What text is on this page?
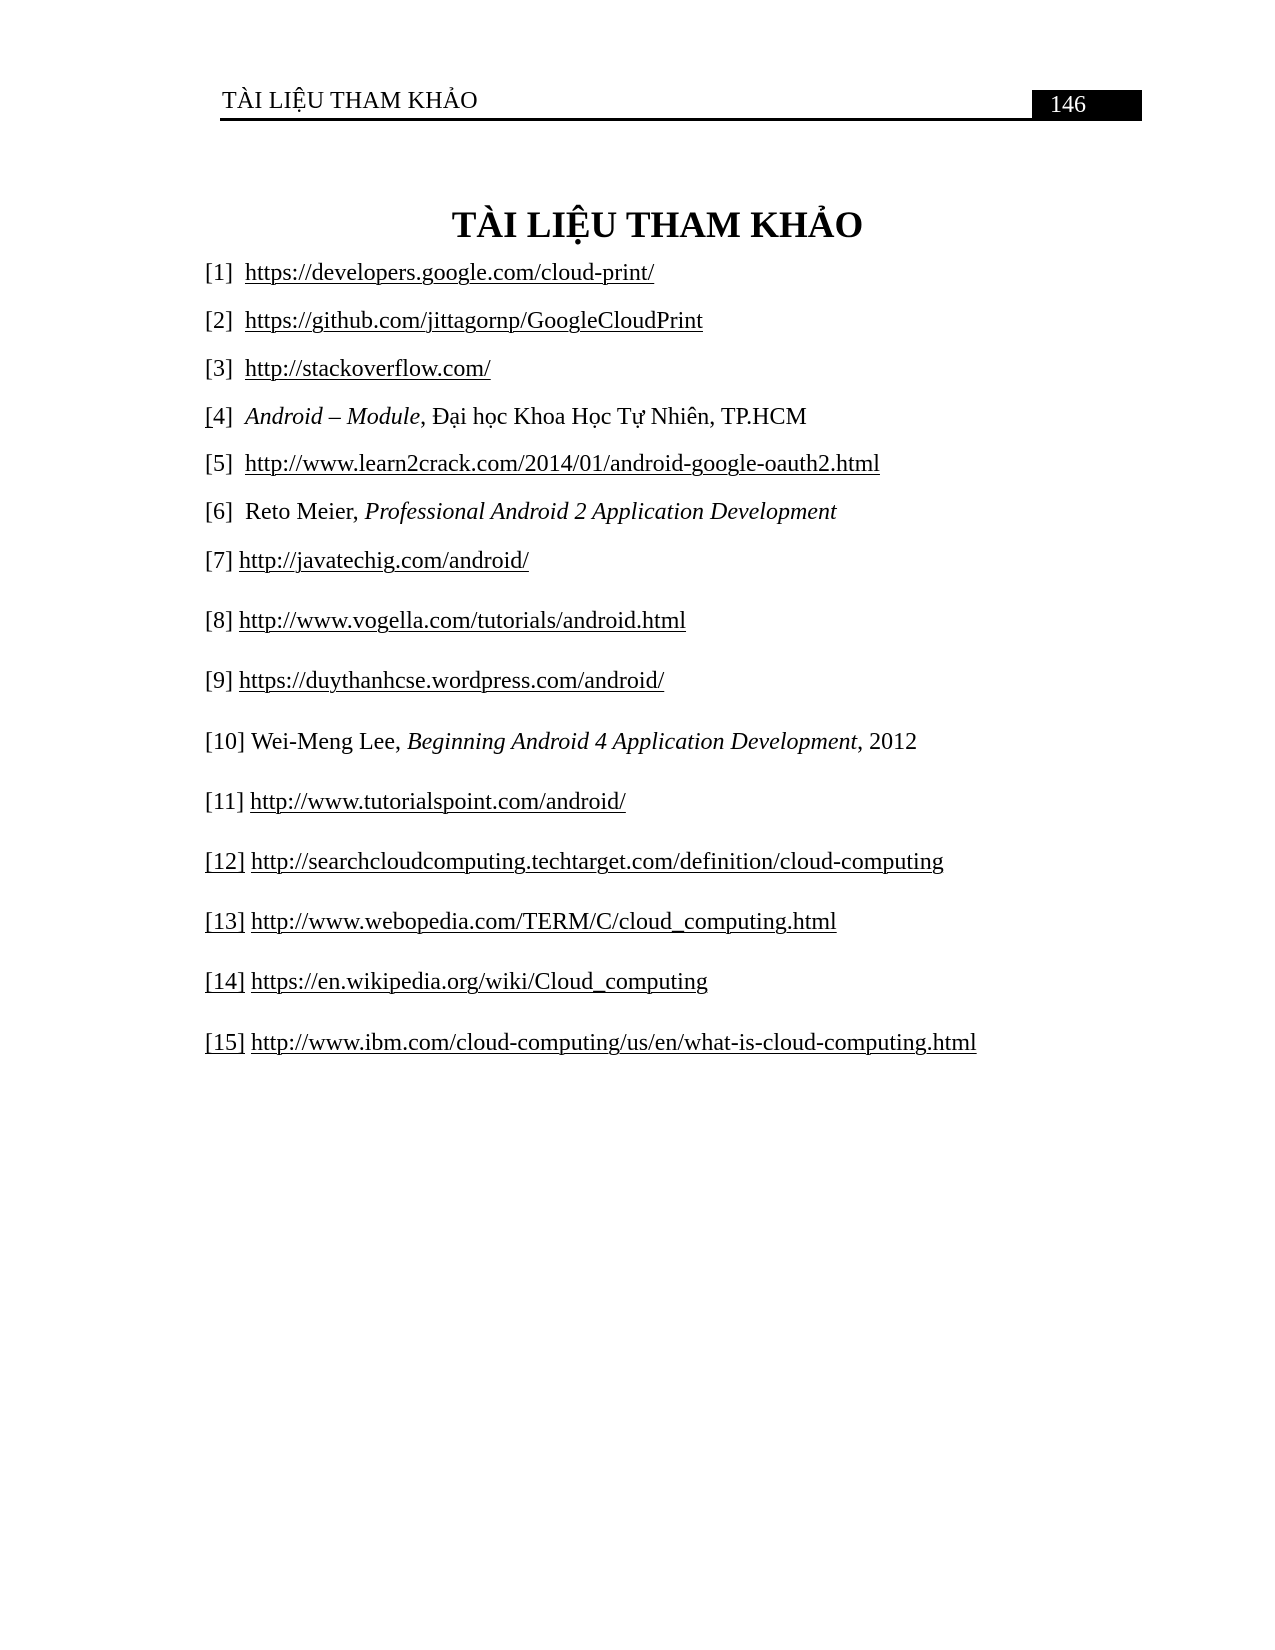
TÀI LIỆU THAM KHẢO	146
TÀI LIỆU THAM KHẢO
[1] https://developers.google.com/cloud-print/
[2] https://github.com/jittagornp/GoogleCloudPrint
[3] http://stackoverflow.com/
[4] Android – Module, Đại học Khoa Học Tự Nhiên, TP.HCM
[5] http://www.learn2crack.com/2014/01/android-google-oauth2.html
[6] Reto Meier, Professional Android 2 Application Development
[7] http://javatechig.com/android/
[8] http://www.vogella.com/tutorials/android.html
[9] https://duythanhcse.wordpress.com/android/
[10] Wei-Meng Lee, Beginning Android 4 Application Development, 2012
[11] http://www.tutorialspoint.com/android/
[12] http://searchcloudcomputing.techtarget.com/definition/cloud-computing
[13] http://www.webopedia.com/TERM/C/cloud_computing.html
[14] https://en.wikipedia.org/wiki/Cloud_computing
[15] http://www.ibm.com/cloud-computing/us/en/what-is-cloud-computing.html
